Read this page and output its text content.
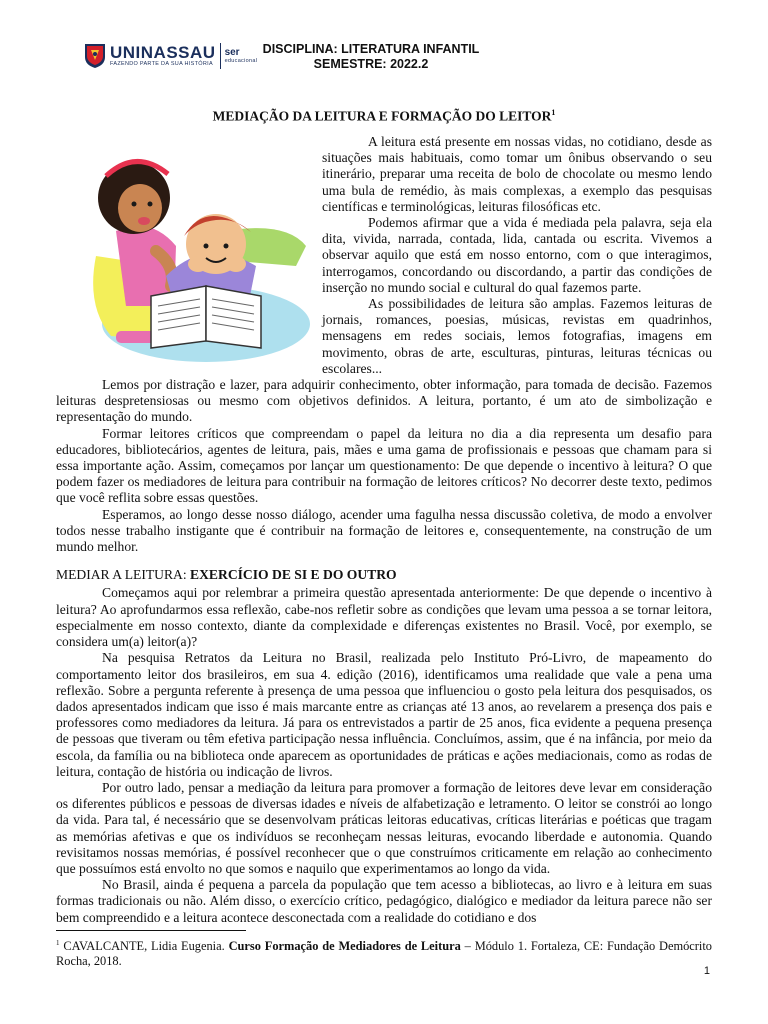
UNINASSAU
FAZENDO PARTE DA SUA HISTÓRIA
ser
educacional
DISCIPLINA: LITERATURA INFANTIL
SEMESTRE: 2022.2
MEDIAÇÃO DA LEITURA E FORMAÇÃO DO LEITOR$^1$

A leitura está presente em nossas vidas, no cotidiano, desde as situações mais habituais, como tomar um ônibus observando o seu itinerário, preparar uma receita de bolo de chocolate ou mesmo lendo uma bula de remédio, às mais complexas, a exemplo das pesquisas científicas e terminológicas, leituras filosóficas etc.

Podemos afirmar que a vida é mediada pela palavra, seja ela dita, vivida, narrada, contada, lida, cantada ou escrita. Vivemos a observar aquilo que está em nosso entorno, com o que interagimos, interrogamos, concordando ou discordando, a partir das condições de inserção no mundo social e cultural do qual fazemos parte.

As possibilidades de leitura são amplas. Fazemos leituras de jornais, romances, poesias, músicas, revistas em quadrinhos, mensagens em redes sociais, lemos fotografias, imagens em movimento, obras de arte, esculturas, pinturas, leituras técnicas ou escolares...

Lemos por distração e lazer, para adquirir conhecimento, obter informação, para tomada de decisão. Fazemos leituras despretensiosas ou mesmo com objetivos definidos. A leitura, portanto, é um ato de simbolização e representação do mundo.

Formar leitores críticos que compreendam o papel da leitura no dia a dia representa um desafio para educadores, bibliotecários, agentes de leitura, pais, mães e uma gama de profissionais e pessoas que chamam para si essa importante ação. Assim, começamos por lançar um questionamento: De que depende o incentivo à leitura? O que podem fazer os mediadores de leitura para contribuir na formação de leitores críticos? No decorrer deste texto, pedimos que você reflita sobre essas questões.

Esperamos, ao longo desse nosso diálogo, acender uma fagulha nessa discussão coletiva, de modo a envolver todos nesse trabalho instigante que é contribuir na formação de leitores e, consequentemente, na construção de um mundo melhor.

MEDIAR A LEITURA: EXERCÍCIO DE SI E DO OUTRO

Começamos aqui por relembrar a primeira questão apresentada anteriormente: De que depende o incentivo à leitura? Ao aprofundarmos essa reflexão, cabe-nos refletir sobre as condições que levam uma pessoa a se tornar leitora, especialmente em nosso contexto, diante da complexidade e diferenças existentes no Brasil. Você, por exemplo, se considera um(a) leitor(a)?

Na pesquisa Retratos da Leitura no Brasil, realizada pelo Instituto Pró-Livro, de mapeamento do comportamento leitor dos brasileiros, em sua 4. edição (2016), identificamos uma realidade que vale a pena uma reflexão. Sobre a pergunta referente à presença de uma pessoa que influenciou o gosto pela leitura dos pesquisados, os dados apresentados indicam que isso é mais marcante entre as crianças até 13 anos, ao revelarem a presença dos pais e professores como mediadores da leitura. Já para os entrevistados a partir de 25 anos, fica evidente a pequena presença de pessoas que tiveram ou têm efetiva participação nessa influência. Concluímos, assim, que é na infância, por meio da escola, da família ou na biblioteca onde aparecem as oportunidades de práticas e ações mediacionais, como as rodas de leitura, contação de história ou indicação de livros.

Por outro lado, pensar a mediação da leitura para promover a formação de leitores deve levar em consideração os diferentes públicos e pessoas de diversas idades e níveis de alfabetização e letramento. O leitor se constrói ao longo da vida. Para tal, é necessário que se desenvolvam práticas leitoras educativas, críticas literárias e poéticas que tragam as memórias afetivas e que os indivíduos se reconheçam nessas leituras, evocando liberdade e autonomia. Quando revisitamos nossas memórias, é possível reconhecer que o que construímos criticamente em relação ao conhecimento que possuímos está envolto no que somos e naquilo que experimentamos ao longo da vida.

No Brasil, ainda é pequena a parcela da população que tem acesso a bibliotecas, ao livro e à leitura em suas formas tradicionais ou não. Além disso, o exercício crítico, pedagógico, dialógico e mediador da leitura parece não ser bem compreendido e a leitura acontece desconectada com a realidade do cotidiano e dos

$^1$ CAVALCANTE, Lidia Eugenia. Curso Formação de Mediadores de Leitura – Módulo 1. Fortaleza, CE: Fundação Demócrito Rocha, 2018.
1
